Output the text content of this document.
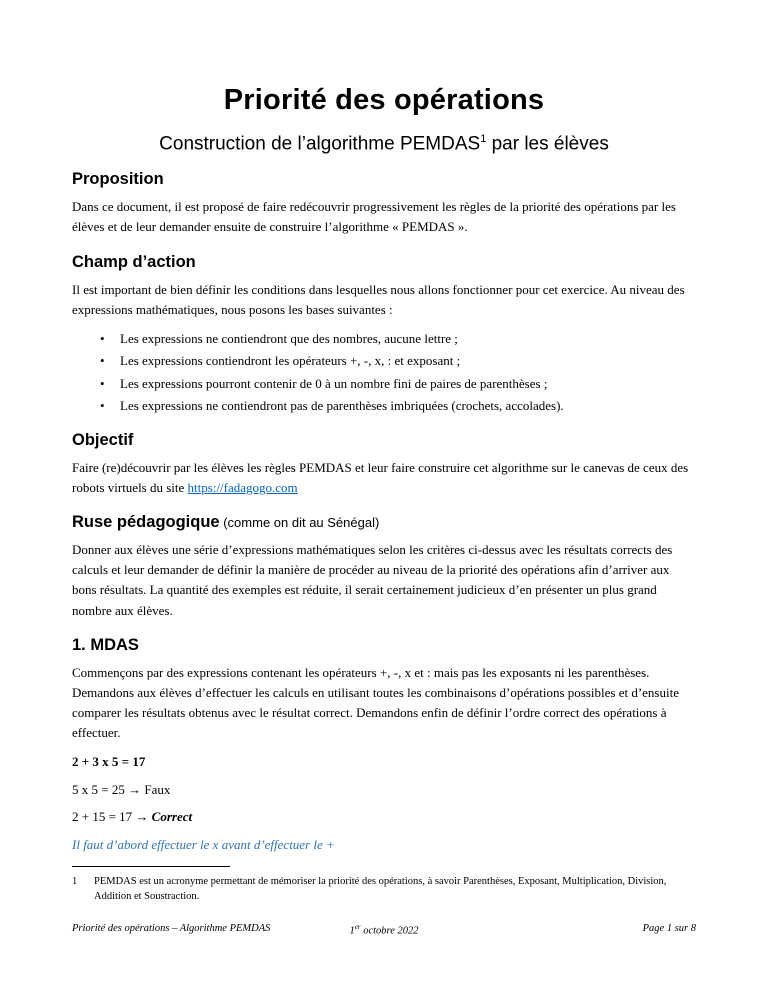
Priorité des opérations
Construction de l’algorithme PEMDAS$^1$ par les élèves
Proposition

Dans ce document, il est proposé de faire redécouvrir progressivement les règles de la priorité des opérations par les élèves et de leur demander ensuite de construire l’algorithme « PEMDAS ».

Champ d’action

Il est important de bien définir les conditions dans lesquelles nous allons fonctionner pour cet exercice. Au niveau des expressions mathématiques, nous posons les bases suivantes :

•	Les expressions ne contiendront que des nombres, aucune lettre ;
•	Les expressions contiendront les opérateurs +, -, x, : et exposant ;
•	Les expressions pourront contenir de 0 à un nombre fini de paires de parenthèses ;
•	Les expressions ne contiendront pas de parenthèses imbriquées (crochets, accolades).
Objectif

Faire (re)découvrir par les élèves les règles PEMDAS et leur faire construire cet algorithme sur le canevas de ceux des robots virtuels du site https://fadagogo.com

Ruse pédagogique (comme on dit au Sénégal)

Donner aux élèves une série d’expressions mathématiques selon les critères ci-dessus avec les résultats corrects des calculs et leur demander de définir la manière de procéder au niveau de la priorité des opérations afin d’arriver aux bons résultats. La quantité des exemples est réduite, il serait certainement judicieux d’en présenter un plus grand nombre aux élèves.

1. MDAS

Commençons par des expressions contenant les opérateurs +, -, x et : mais pas les exposants ni les parenthèses. Demandons aux élèves d’effectuer les calculs en utilisant toutes les combinaisons d’opérations possibles et d’ensuite comparer les résultats obtenus avec le résultat correct. Demandons enfin de définir l’ordre correct des opérations à effectuer.

2 + 3 x 5 = 17

5 x 5 = 25 → Faux

2 + 15 = 17 → Correct

Il faut d’abord effectuer le x avant d’effectuer le +

1	PEMDAS est un acronyme permettant de mémoriser la priorité des opérations, à savoir Parenthèses, Exposant, Multiplication, Division, Addition et Soustraction.
Priorité des opérations – Algorithme PEMDAS	1er octobre 2022	Page 1 sur 8
